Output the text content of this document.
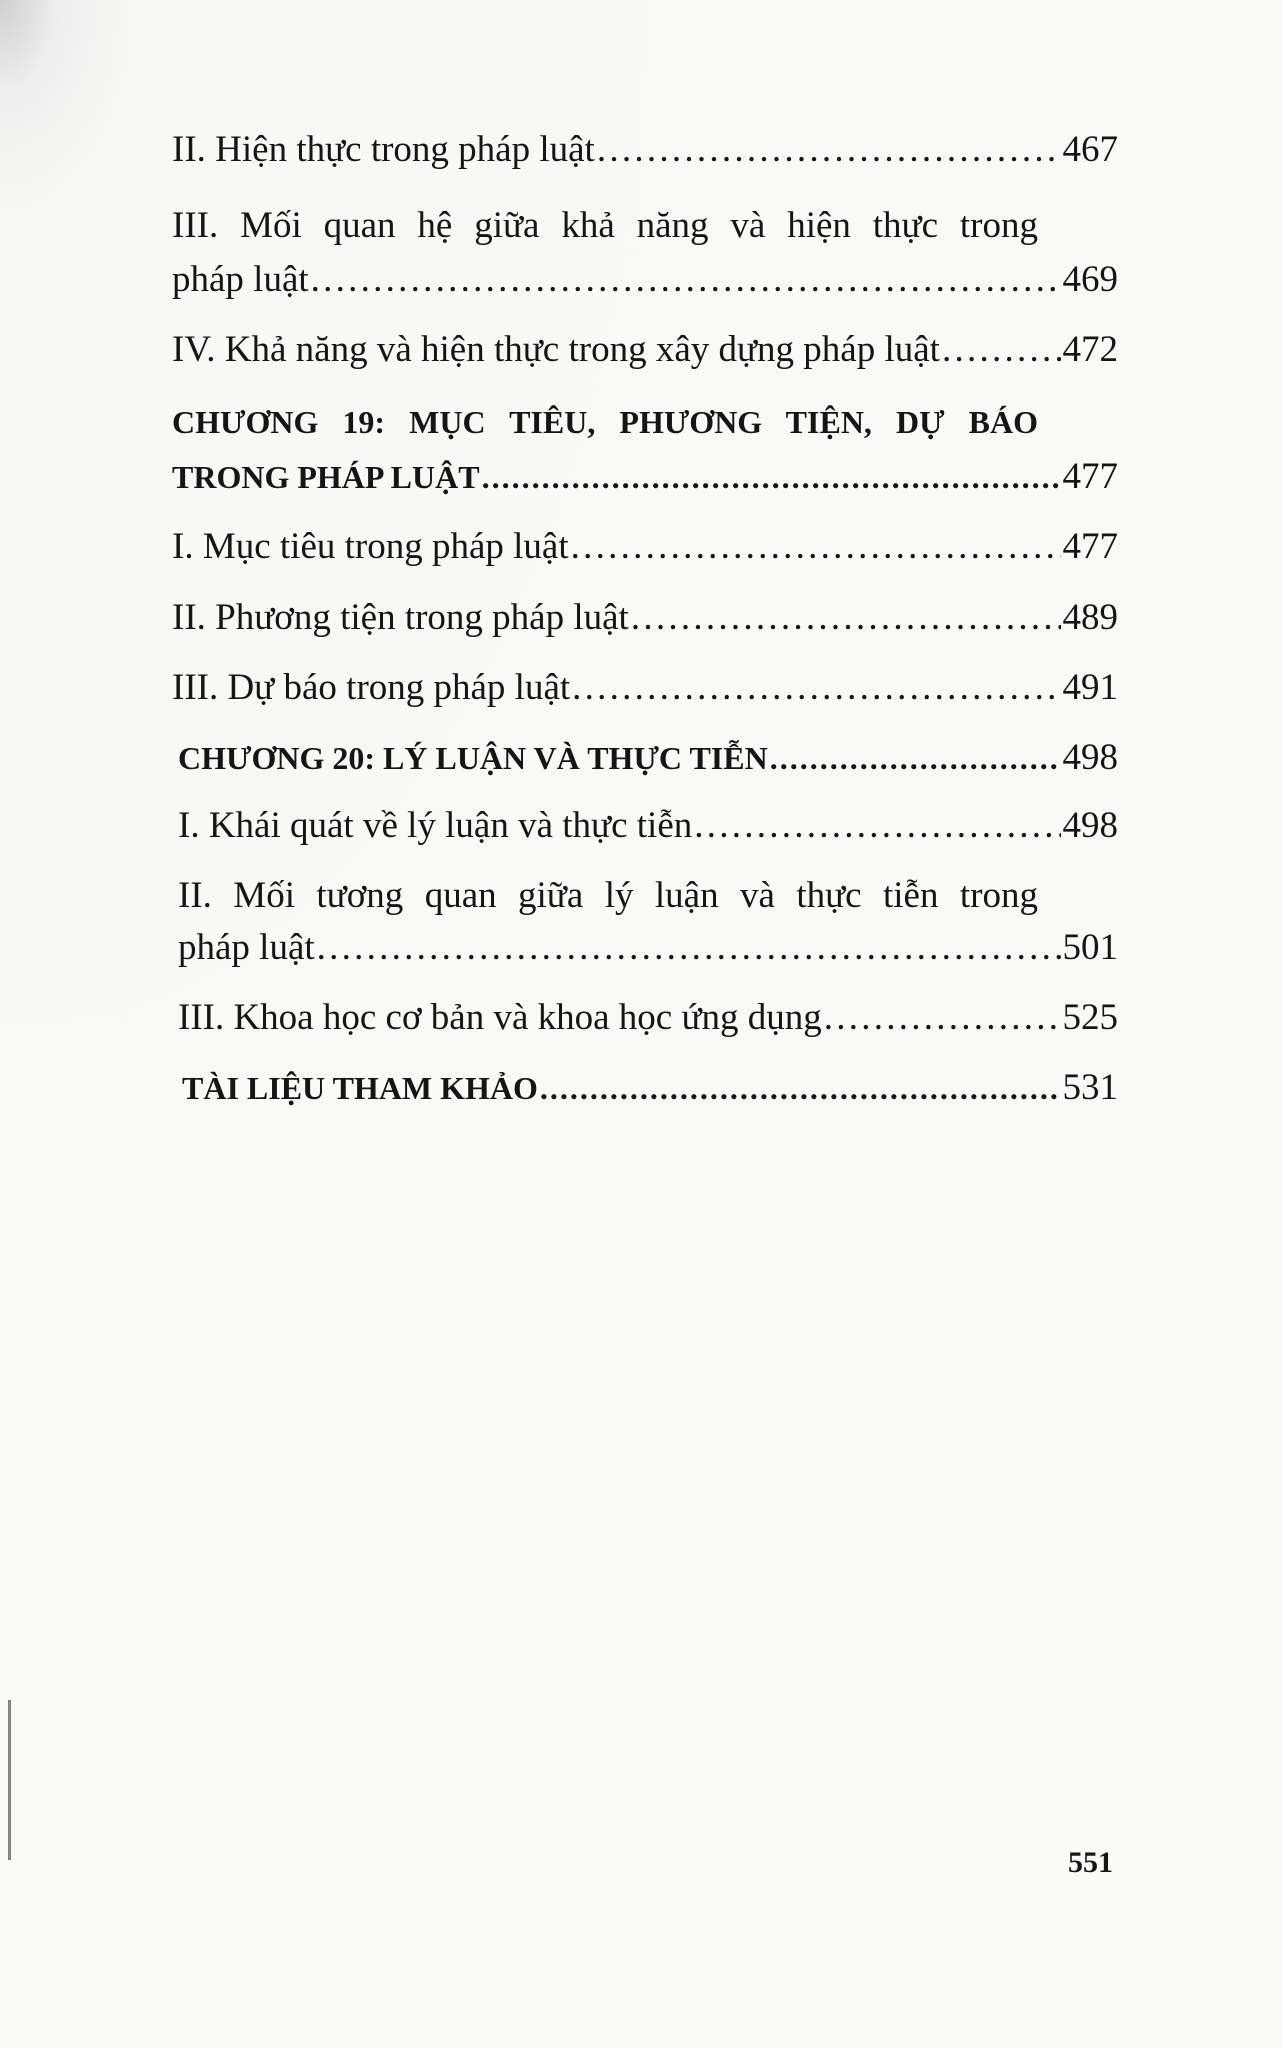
II. Hiện thực trong pháp luật . . .	467
III. Mối quan hệ giữa khả năng và hiện thực trong
pháp luật . . .	469
IV. Khả năng và hiện thực trong xây dựng pháp luật . . .	472
CHƯƠNG 19: MỤC TIÊU, PHƯƠNG TIỆN, DỰ BÁO
TRONG PHÁP LUẬT . . .	477
I. Mục tiêu trong pháp luật . . .	477
II. Phương tiện trong pháp luật . . .	489
III. Dự báo trong pháp luật . . .	491
CHƯƠNG 20: LÝ LUẬN VÀ THỰC TIỄN . . .	498
I. Khái quát về lý luận và thực tiễn . . .	498
II. Mối tương quan giữa lý luận và thực tiễn trong
pháp luật . . .	501
III. Khoa học cơ bản và khoa học ứng dụng . . .	525
TÀI LIỆU THAM KHẢO . . .	531
551
